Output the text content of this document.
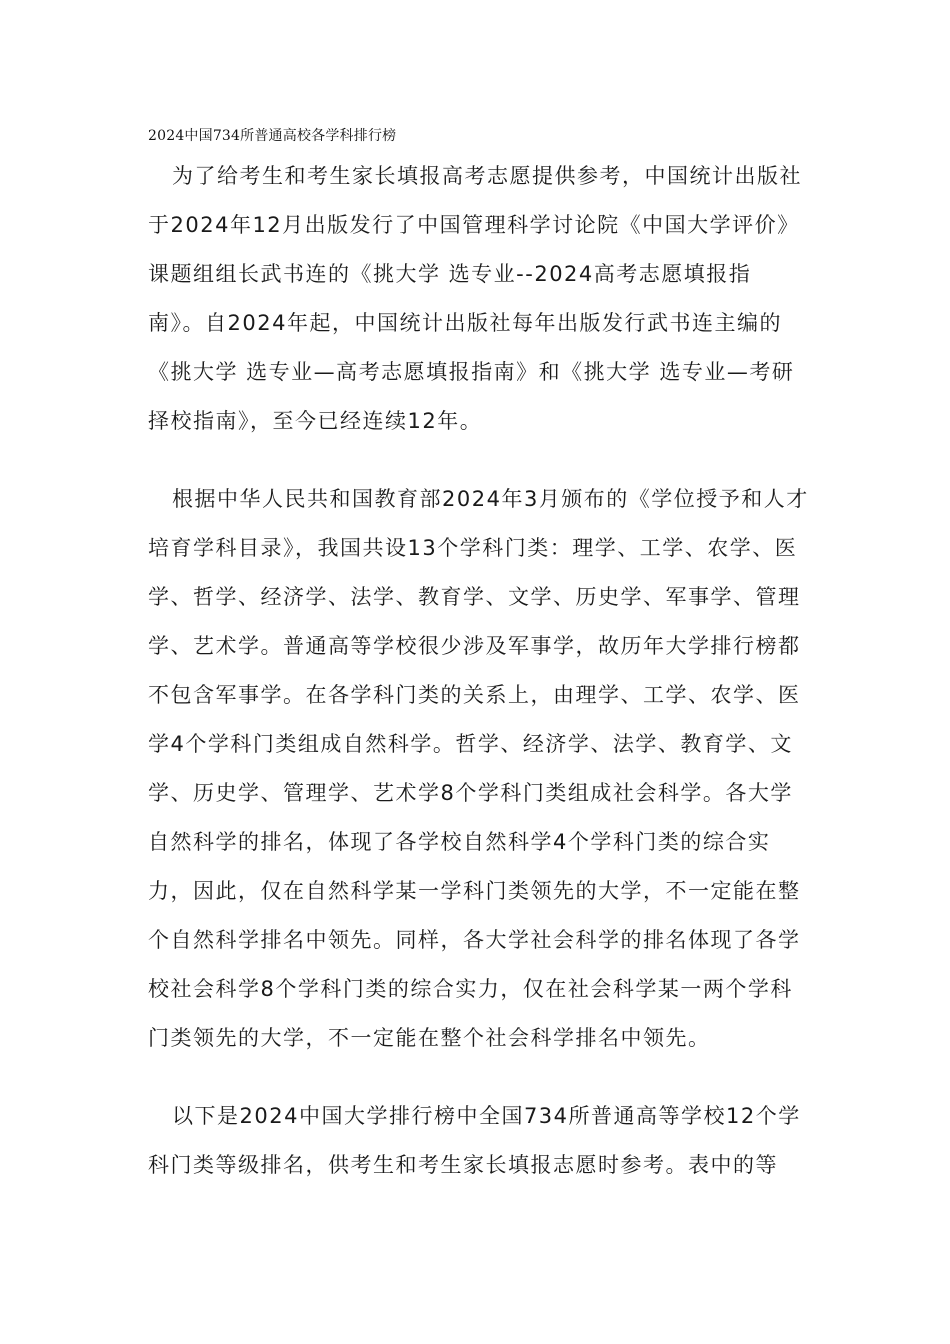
2024中国734所普通高校各学科排行榜
为了给考生和考生家长填报高考志愿提供参考，中国统计出版社
于2024年12月出版发行了中国管理科学讨论院《中国大学评价》
课题组组长武书连的《挑大学 选专业--2024高考志愿填报指
南》。自2024年起，中国统计出版社每年出版发行武书连主编的
《挑大学 选专业—高考志愿填报指南》和《挑大学 选专业—考研
择校指南》，至今已经连续12年。
根据中华人民共和国教育部2024年3月颁布的《学位授予和人才
培育学科目录》，我国共设13个学科门类：理学、工学、农学、医
学、哲学、经济学、法学、教育学、文学、历史学、军事学、管理
学、艺术学。普通高等学校很少涉及军事学，故历年大学排行榜都
不包含军事学。在各学科门类的关系上，由理学、工学、农学、医
学4个学科门类组成自然科学。哲学、经济学、法学、教育学、文
学、历史学、管理学、艺术学8个学科门类组成社会科学。各大学
自然科学的排名，体现了各学校自然科学4个学科门类的综合实
力，因此，仅在自然科学某一学科门类领先的大学，不一定能在整
个自然科学排名中领先。同样，各大学社会科学的排名体现了各学
校社会科学8个学科门类的综合实力，仅在社会科学某一两个学科
门类领先的大学，不一定能在整个社会科学排名中领先。
以下是2024中国大学排行榜中全国734所普通高等学校12个学
科门类等级排名，供考生和考生家长填报志愿时参考。表中的等
